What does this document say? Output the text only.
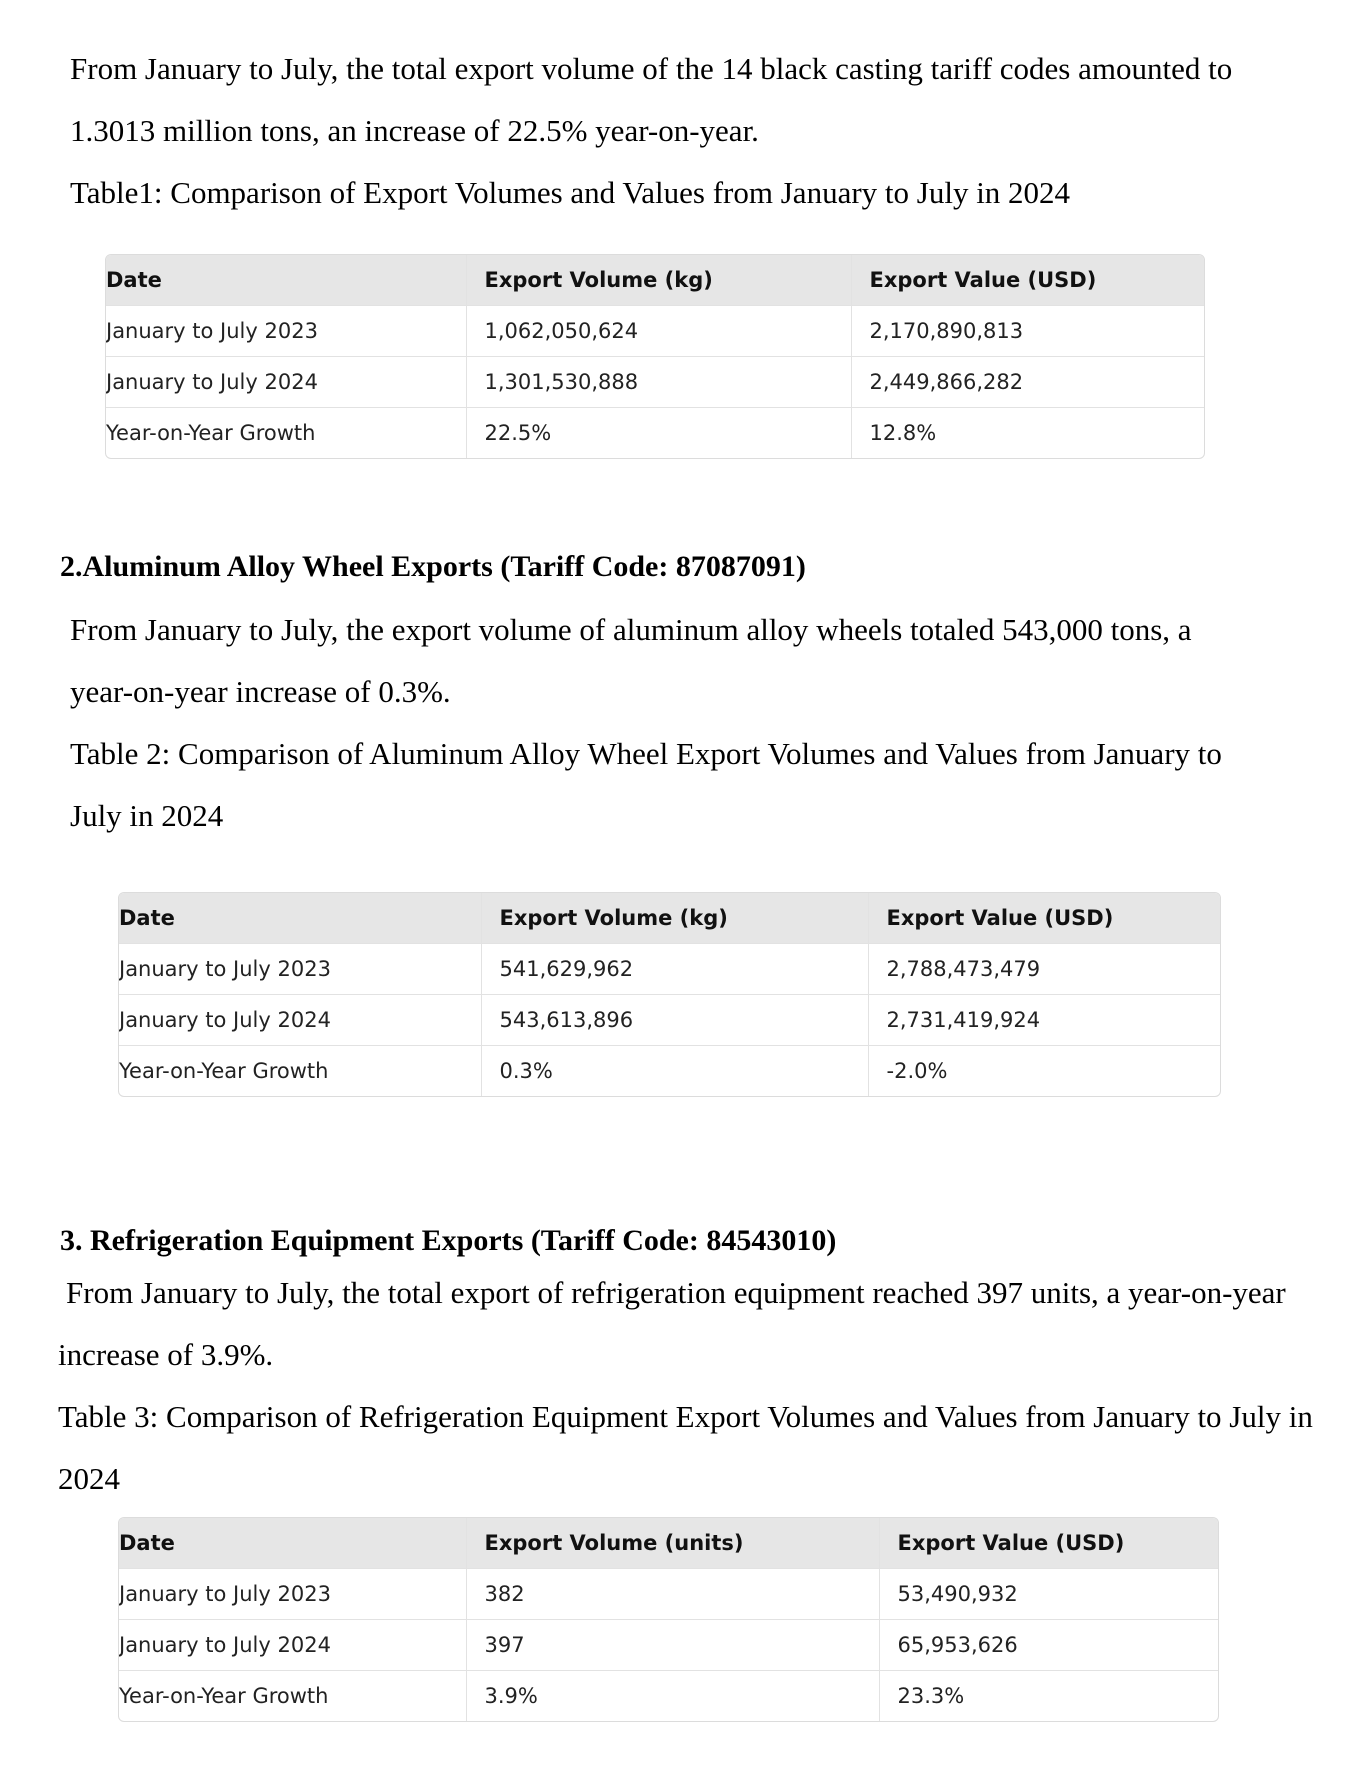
From January to July, the total export volume of the 14 black casting tariff codes amounted to

1.3013 million tons, an increase of 22.5% year-on-year.

Table1: Comparison of Export Volumes and Values from January to July in 2024

Date	Export Volume (kg)	Export Value (USD)
January to July 2023	1,062,050,624	2,170,890,813
January to July 2024	1,301,530,888	2,449,866,282
Year-on-Year Growth	22.5%	12.8%
2.Aluminum Alloy Wheel Exports (Tariff Code: 87087091)

From January to July, the export volume of aluminum alloy wheels totaled 543,000 tons, a

year-on-year increase of 0.3%.

Table 2: Comparison of Aluminum Alloy Wheel Export Volumes and Values from January to

July in 2024

Date	Export Volume (kg)	Export Value (USD)
January to July 2023	541,629,962	2,788,473,479
January to July 2024	543,613,896	2,731,419,924
Year-on-Year Growth	0.3%	-2.0%
3. Refrigeration Equipment Exports (Tariff Code: 84543010)

From January to July, the total export of refrigeration equipment reached 397 units, a year-on-year

increase of 3.9%.

Table 3: Comparison of Refrigeration Equipment Export Volumes and Values from January to July in

2024

Date	Export Volume (units)	Export Value (USD)
January to July 2023	382	53,490,932
January to July 2024	397	65,953,626
Year-on-Year Growth	3.9%	23.3%
